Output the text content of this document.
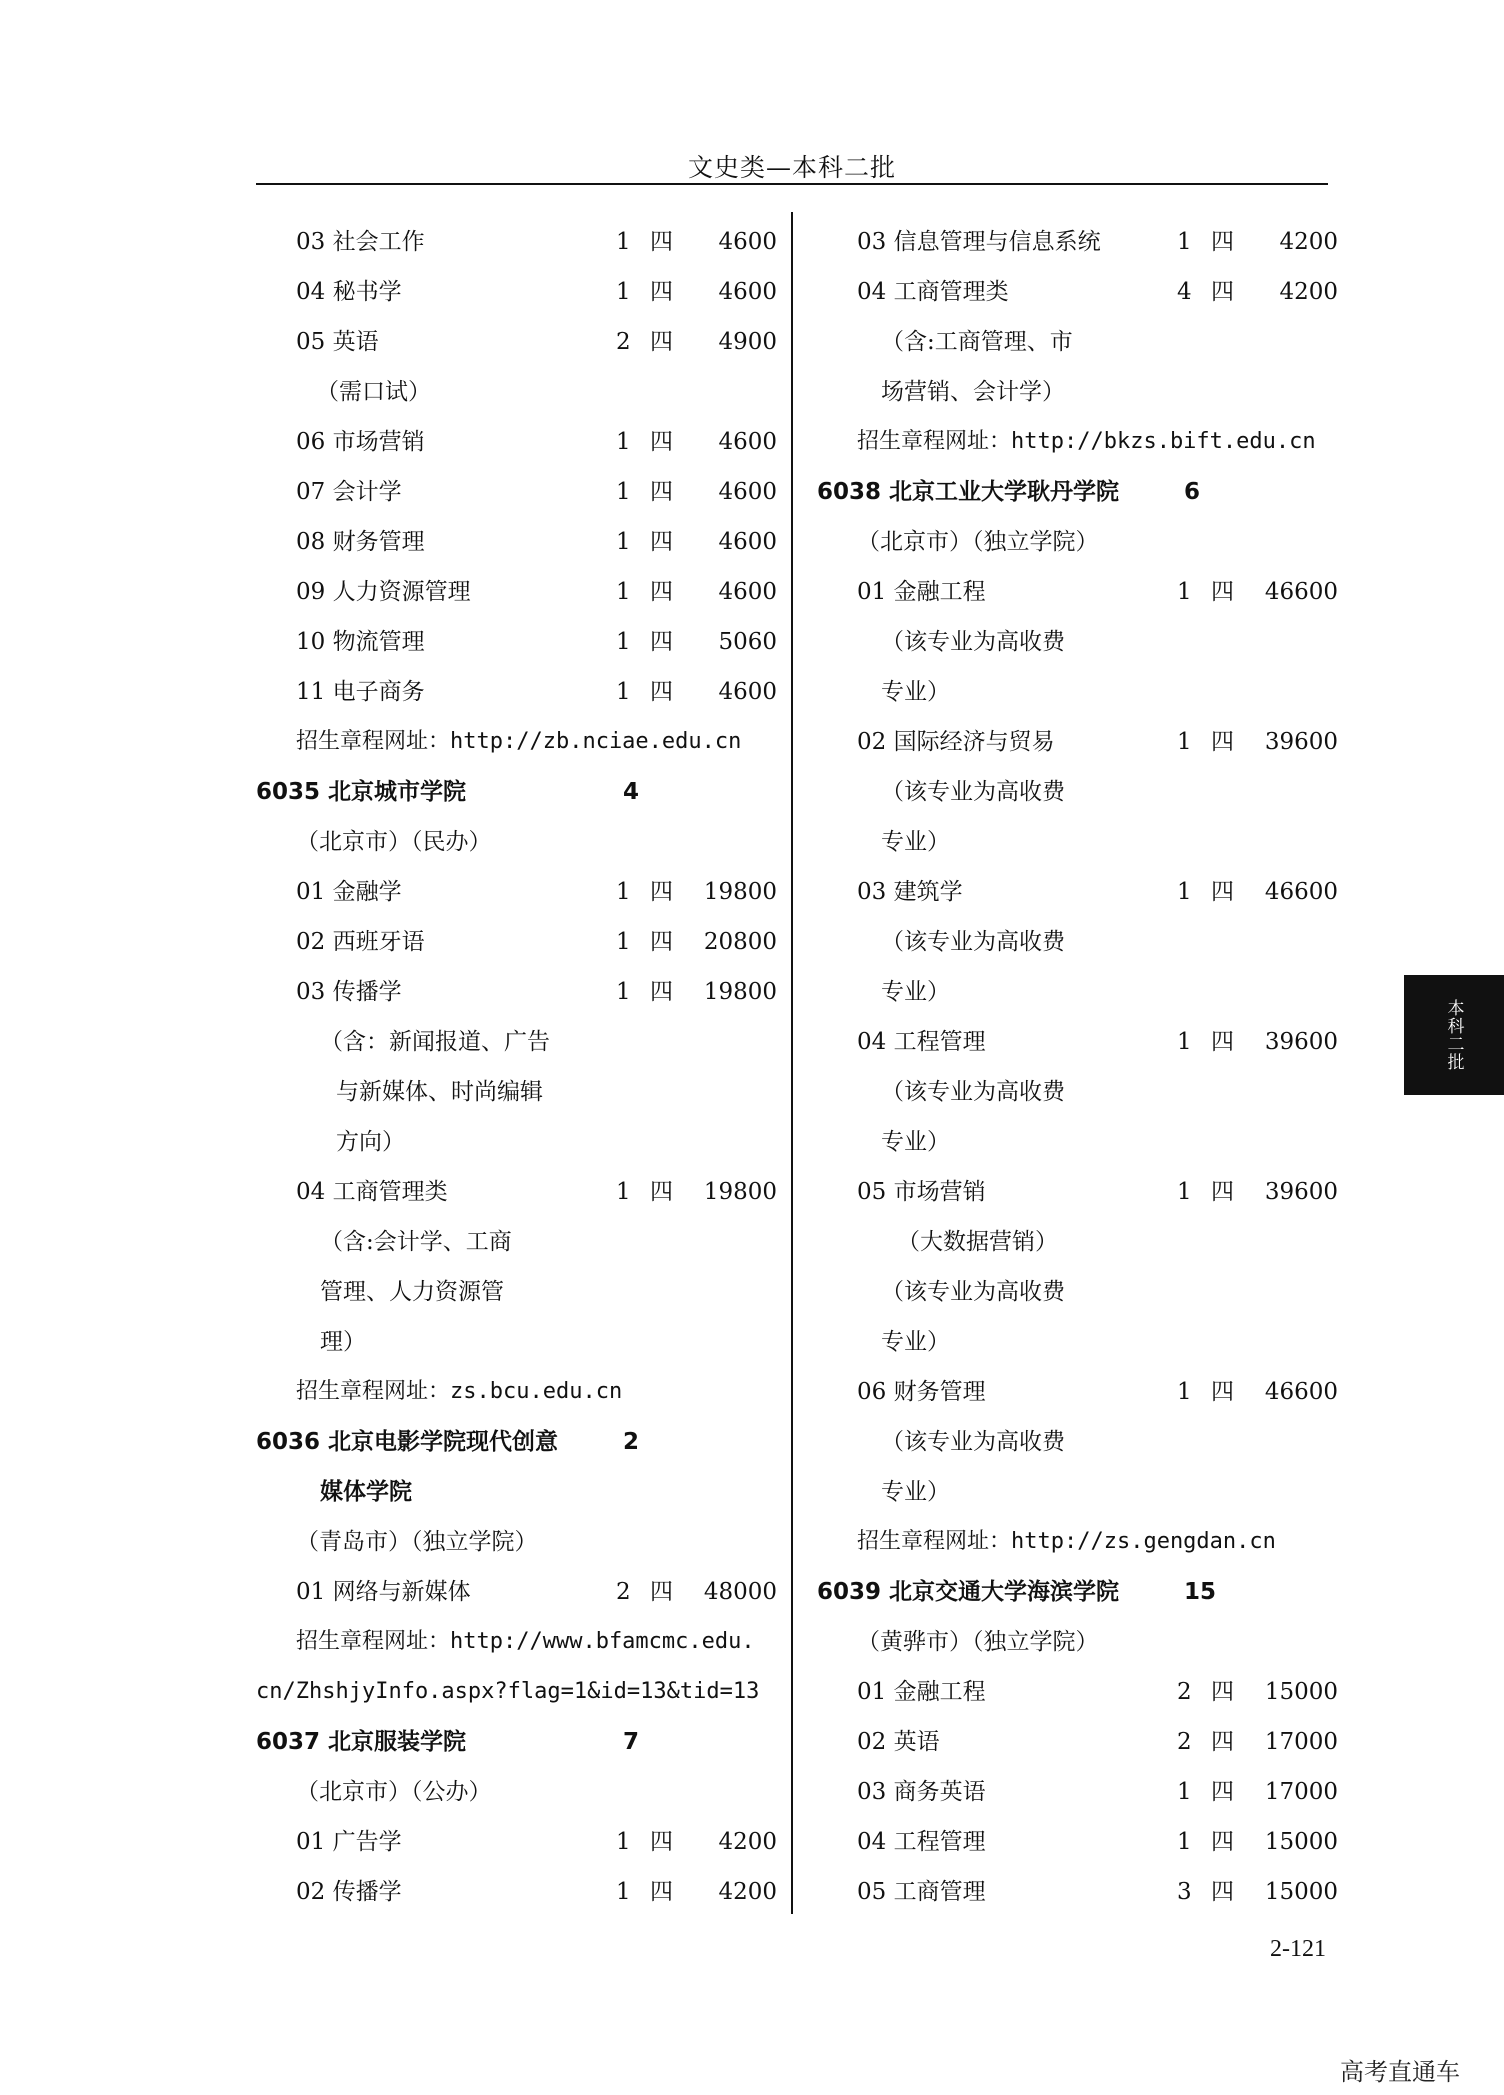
文史类—本科二批
03 社会工作	1 四	4600
04 秘书学	1 四	4600
05 英语	2 四	4900
（需口试）
06 市场营销	1 四	4600
07 会计学	1 四	4600
08 财务管理	1 四	4600
09 人力资源管理	1 四	4600
10 物流管理	1 四	5060
11 电子商务	1 四	4600
招生章程网址：http://zb.nciae.edu.cn
6035 北京城市学院	4
（北京市）（民办）
01 金融学	1 四	19800
02 西班牙语	1 四	20800
03 传播学	1 四	19800
（含：新闻报道、广告
与新媒体、时尚编辑
方向）
04 工商管理类	1 四	19800
（含:会计学、工商
管理、人力资源管
理）
招生章程网址：zs.bcu.edu.cn
6036 北京电影学院现代创意	2
媒体学院
（青岛市）（独立学院）
01 网络与新媒体	2 四	48000
招生章程网址：http://www.bfamcmc.edu.
cn/ZhshjyInfo.aspx?flag=1&id=13&tid=13
6037 北京服装学院	7
（北京市）（公办）
01 广告学	1 四	4200
02 传播学	1 四	4200
03 信息管理与信息系统	1 四	4200
04 工商管理类	4 四	4200
（含:工商管理、市
场营销、会计学）
招生章程网址：http://bkzs.bift.edu.cn
6038 北京工业大学耿丹学院	6
（北京市）（独立学院）
01 金融工程	1 四	46600
（该专业为高收费
专业）
02 国际经济与贸易	1 四	39600
（该专业为高收费
专业）
03 建筑学	1 四	46600
（该专业为高收费
专业）
04 工程管理	1 四	39600
（该专业为高收费
专业）
05 市场营销	1 四	39600
（大数据营销）
（该专业为高收费
专业）
06 财务管理	1 四	46600
（该专业为高收费
专业）
招生章程网址：http://zs.gengdan.cn
6039 北京交通大学海滨学院	15
（黄骅市）（独立学院）
01 金融工程	2 四	15000
02 英语	2 四	17000
03 商务英语	1 四	17000
04 工程管理	1 四	15000
05 工商管理	3 四	15000
本科二批
2-121
高考直通车
